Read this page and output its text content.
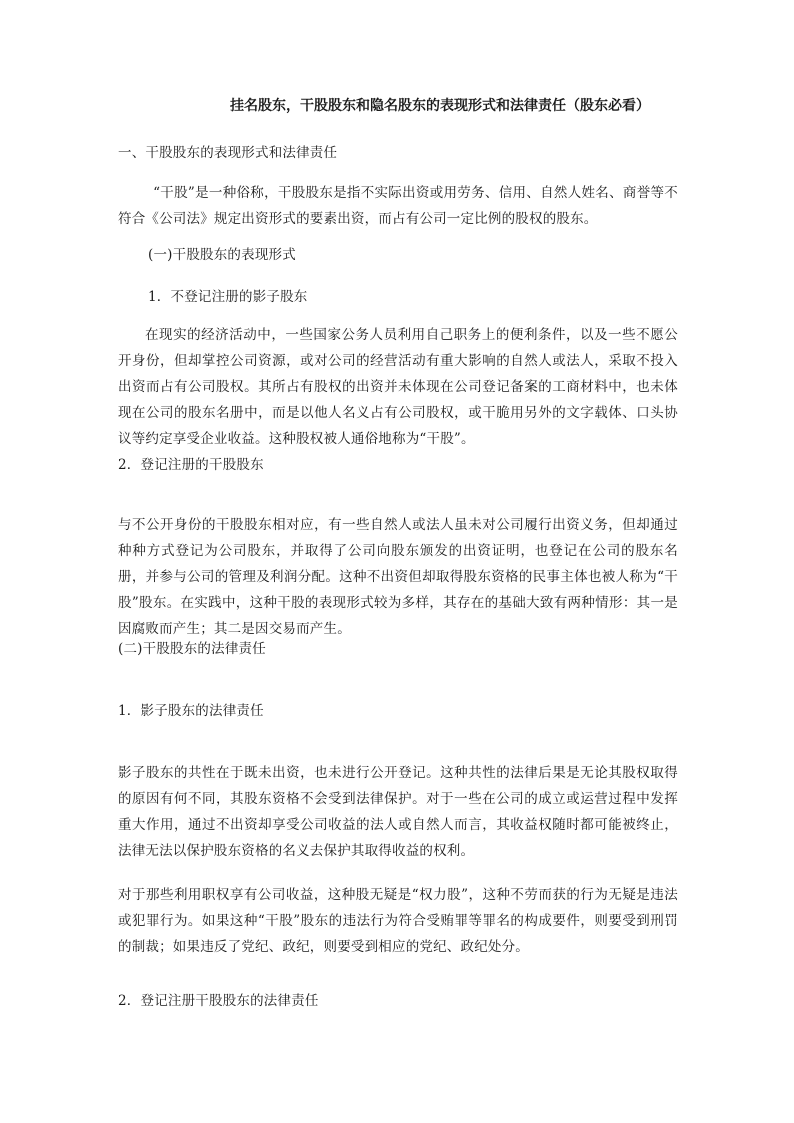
挂名股东，干股股东和隐名股东的表现形式和法律责任（股东必看）

一、干股股东的表现形式和法律责任

“干股”是一种俗称，干股股东是指不实际出资或用劳务、信用、自然人姓名、商誉等不符合《公司法》规定出资形式的要素出资，而占有公司一定比例的股权的股东。

(一)干股股东的表现形式

1．不登记注册的影子股东

在现实的经济活动中，一些国家公务人员利用自己职务上的便利条件，以及一些不愿公开身份，但却掌控公司资源，或对公司的经营活动有重大影响的自然人或法人，采取不投入出资而占有公司股权。其所占有股权的出资并未体现在公司登记备案的工商材料中，也未体现在公司的股东名册中，而是以他人名义占有公司股权，或干脆用另外的文字载体、口头协议等约定享受企业收益。这种股权被人通俗地称为“干股”。

2．登记注册的干股股东

与不公开身份的干股股东相对应，有一些自然人或法人虽未对公司履行出资义务，但却通过种种方式登记为公司股东，并取得了公司向股东颁发的出资证明，也登记在公司的股东名册，并参与公司的管理及利润分配。这种不出资但却取得股东资格的民事主体也被人称为“干股”股东。在实践中，这种干股的表现形式较为多样，其存在的基础大致有两种情形：其一是因腐败而产生；其二是因交易而产生。

(二)干股股东的法律责任

1．影子股东的法律责任

影子股东的共性在于既未出资，也未进行公开登记。这种共性的法律后果是无论其股权取得的原因有何不同，其股东资格不会受到法律保护。对于一些在公司的成立或运营过程中发挥重大作用，通过不出资却享受公司收益的法人或自然人而言，其收益权随时都可能被终止，法律无法以保护股东资格的名义去保护其取得收益的权利。

对于那些利用职权享有公司收益，这种股无疑是“权力股”，这种不劳而获的行为无疑是违法或犯罪行为。如果这种“干股”股东的违法行为符合受贿罪等罪名的构成要件，则要受到刑罚的制裁；如果违反了党纪、政纪，则要受到相应的党纪、政纪处分。

2．登记注册干股股东的法律责任
